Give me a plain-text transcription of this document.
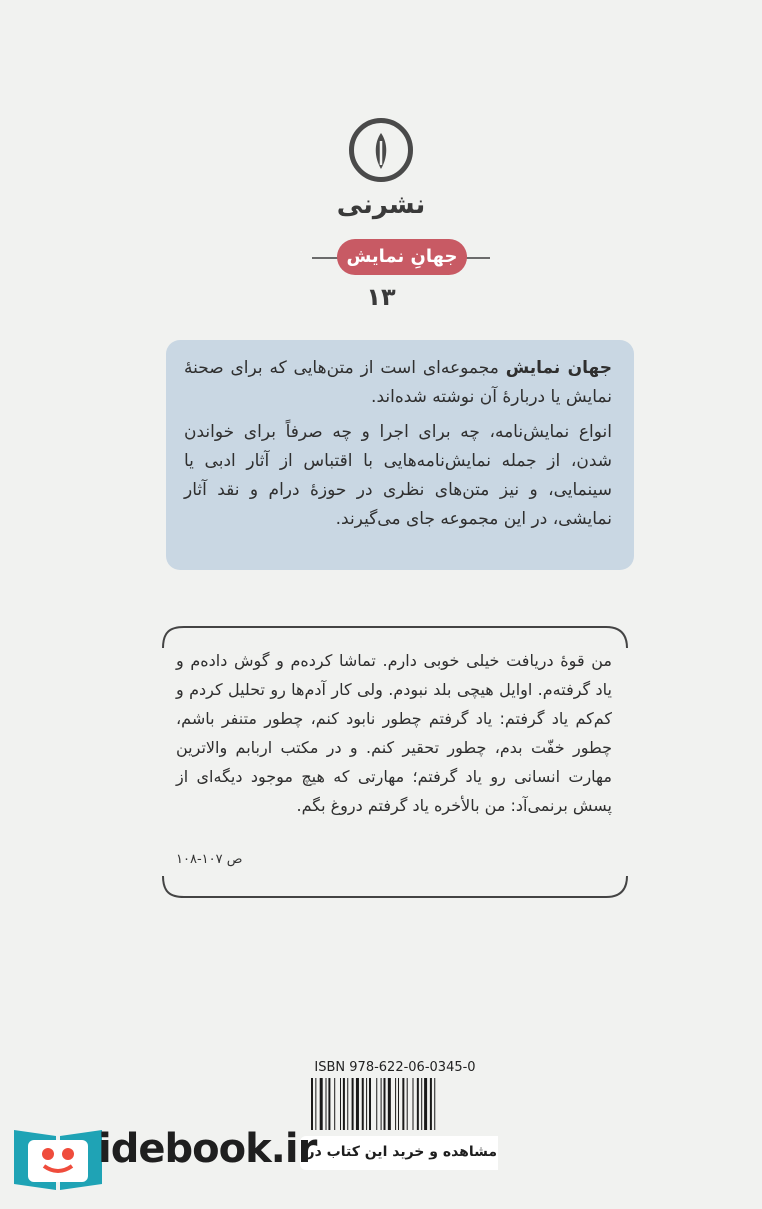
نشرنی
جهانِ نمایش
۱۳

جهان نمایش مجموعه‌ای است از متن‌هایی که برای صحنهٔ نمایش یا دربارهٔ آن نوشته شده‌اند.

انواع نمایش‌نامه، چه برای اجرا و چه صرفاً برای خواندن شدن، از جمله نمایش‌نامه‌هایی با اقتباس از آثار ادبی یا سینمایی، و نیز متن‌های نظری در حوزهٔ درام و نقد آثار نمایشی، در این مجموعه جای می‌گیرند.

من قوهٔ دریافت خیلی خوبی دارم. تماشا کرده‌م و گوش داده‌م و یاد گرفته‌م. اوایل هیچی بلد نبودم. ولی کار آدم‌ها رو تحلیل کردم و کم‌کم یاد گرفتم: یاد گرفتم چطور نابود کنم، چطور متنفر باشم، چطور خفّت بدم، چطور تحقیر کنم. و در مکتب اربابم والاترین مهارت انسانی رو یاد گرفتم؛ مهارتی که هیچ موجود دیگه‌ای از پسش برنمی‌آد: من بالأخره یاد گرفتم دروغ بگم.
ص ۱۰۷-۱۰۸
ISBN 978-622-06-0345-0
مشاهده و خرید این کتاب در:
idebook.ir
